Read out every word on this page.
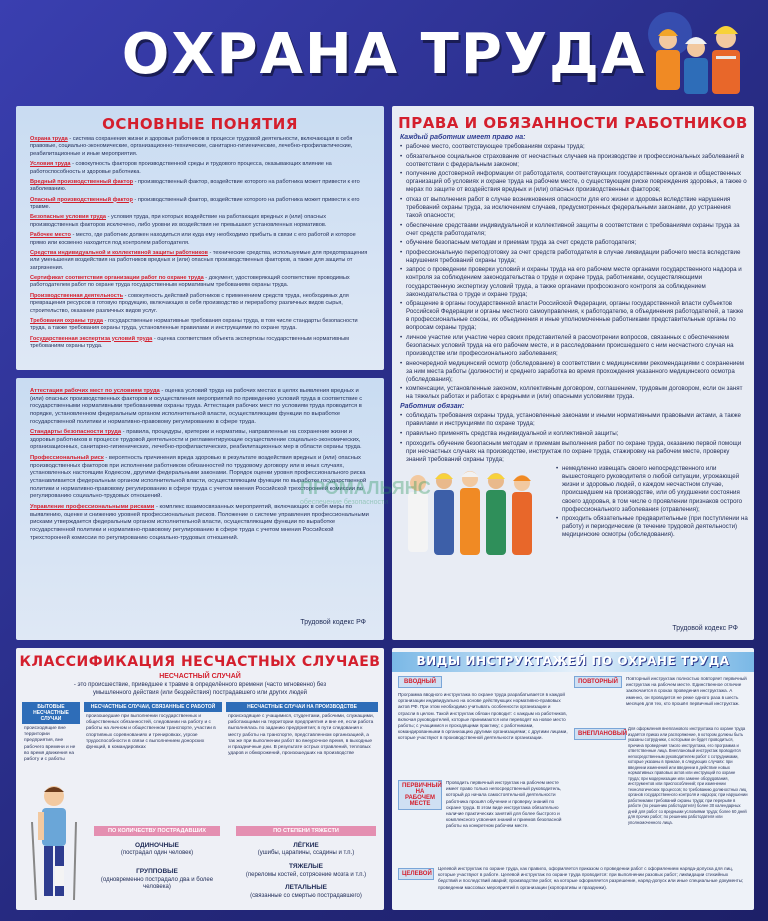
ОХРАНА ТРУДА
ОСНОВНЫЕ ПОНЯТИЯ

Охрана труда - система сохранения жизни и здоровья работников в процессе трудовой деятельности, включающая в себя правовые, социально-экономические, организационно-технические, санитарно-гигиенические, лечебно-профилактические, реабилитационные и иные мероприятия.

Условия труда - совокупность факторов производственной среды и трудового процесса, оказывающих влияние на работоспособность и здоровье работника.

Вредный производственный фактор - производственный фактор, воздействие которого на работника может привести к его заболеванию.

Опасный производственный фактор - производственный фактор, воздействие которого на работника может привести к его травме.

Безопасные условия труда - условия труда, при которых воздействие на работающих вредных и (или) опасных производственных факторов исключено, либо уровни их воздействия не превышают установленных нормативов.

Рабочее место - место, где работник должен находиться или куда ему необходимо прибыть в связи с его работой и которое прямо или косвенно находится под контролем работодателя.

Средства индивидуальной и коллективной защиты работников - технические средства, используемые для предотвращения или уменьшения воздействия на работников вредных и (или) опасных производственных факторов, а также для защиты от загрязнения.

Сертификат соответствия организации работ по охране труда - документ, удостоверяющий соответствие проводимых работодателем работ по охране труда государственным нормативным требованиям охраны труда.

Производственная деятельность - совокупность действий работников с применением средств труда, необходимых для превращения ресурсов в готовую продукцию, включающих в себя производство и переработку различных видов сырья, строительство, оказание различных видов услуг.

Требования охраны труда - государственные нормативные требования охраны труда, в том числе стандарты безопасности труда, а также требования охраны труда, установленные правилами и инструкциями по охране труда.

Государственная экспертиза условий труда - оценка соответствия объекта экспертизы государственным нормативным требованиям охраны труда.

Аттестация рабочих мест по условиям труда - оценка условий труда на рабочих местах в целях выявления вредных и (или) опасных производственных факторов и осуществления мероприятий по приведению условий труда в соответствие с государственными нормативными требованиями охраны труда. Аттестация рабочих мест по условиям труда проводится в порядке, установленном федеральным органом исполнительной власти, осуществляющим функции по выработке государственной политики и нормативно-правовому регулированию в сфере труда.

Стандарты безопасности труда - правила, процедуры, критерии и нормативы, направленные на сохранение жизни и здоровья работников в процессе трудовой деятельности и регламентирующие осуществление социально-экономических, организационных, санитарно-гигиенических, лечебно-профилактических, реабилитационных мер в области охраны труда.

Профессиональный риск - вероятность причинения вреда здоровью в результате воздействия вредных и (или) опасных производственных факторов при исполнении работником обязанностей по трудовому договору или в иных случаях, установленных настоящим Кодексом, другими федеральными законами. Порядок оценки уровня профессионального риска устанавливается федеральным органом исполнительной власти, осуществляющим функции по выработке государственной политики и нормативно-правовому регулированию в сфере труда с учетом мнения Российской трехсторонней комиссии по регулированию социально-трудовых отношений.

Управление профессиональными рисками - комплекс взаимосвязанных мероприятий, включающих в себя меры по выявлению, оценке и снижению уровней профессиональных рисков. Положение о системе управления профессиональными рисками утверждается федеральным органом исполнительной власти, осуществляющим функции по выработке государственной политики и нормативно-правовому регулированию в сфере труда с учетом мнения Российской трехсторонней комиссии по регулированию социально-трудовых отношений.

Трудовой кодекс РФ
ПРАВА И ОБЯЗАННОСТИ РАБОТНИКОВ
Каждый работник имеет право на:
• рабочее место, соответствующее требованиям охраны труда;
• обязательное социальное страхование от несчастных случаев на производстве и профессиональных заболеваний в соответствии с федеральным законом;
• получение достоверной информации от работодателя, соответствующих государственных органов и общественных организаций об условиях и охране труда на рабочем месте, о существующем риске повреждения здоровья, а также о мерах по защите от воздействия вредных и (или) опасных производственных факторов;
• отказ от выполнения работ в случае возникновения опасности для его жизни и здоровья вследствие нарушения требований охраны труда, за исключением случаев, предусмотренных федеральными законами, до устранения такой опасности;
• обеспечение средствами индивидуальной и коллективной защиты в соответствии с требованиями охраны труда за счет средств работодателя;
• обучение безопасным методам и приемам труда за счет средств работодателя;
• профессиональную переподготовку за счет средств работодателя в случае ликвидации рабочего места вследствие нарушения требований охраны труда;
• запрос о проведении проверки условий и охраны труда на его рабочем месте органами государственного надзора и контроля за соблюдением законодательства о труде и охране труда, работниками, осуществляющими государственную экспертизу условий труда, а также органами профсоюзного контроля за соблюдением законодательства о труде и охране труда;
• обращение в органы государственной власти Российской Федерации, органы государственной власти субъектов Российской Федерации и органы местного самоуправления, к работодателю, в объединения работодателей, а также в профессиональные союзы, их объединения и иные уполномоченные работниками представительные органы по вопросам охраны труда;
• личное участие или участие через своих представителей в рассмотрении вопросов, связанных с обеспечением безопасных условий труда на его рабочем месте, и в расследовании происшедшего с ним несчастного случая на производстве или профессионального заболевания;
• внеочередной медицинский осмотр (обследование) в соответствии с медицинскими рекомендациями с сохранением за ним места работы (должности) и среднего заработка во время прохождения указанного медицинского осмотра (обследования);
• компенсации, установленные законом, коллективным договором, соглашением, трудовым договором, если он занят на тяжелых работах и работах с вредными и (или) опасными условиями труда.
Работник обязан:
• соблюдать требования охраны труда, установленные законами и иными нормативными правовыми актами, а также правилами и инструкциями по охране труда;
• правильно применять средства индивидуальной и коллективной защиты;
• проходить обучение безопасным методам и приемам выполнения работ по охране труда, оказанию первой помощи при несчастных случаях на производстве, инструктаж по охране труда, стажировку на рабочем месте, проверку знаний требований охраны труда;
• немедленно извещать своего непосредственного или вышестоящего руководителя о любой ситуации, угрожающей жизни и здоровью людей, о каждом несчастном случае, происшедшем на производстве, или об ухудшении состояния своего здоровья, в том числе о проявлении признаков острого профессионального заболевания (отравления);
• проходить обязательные предварительные (при поступлении на работу) и периодические (в течение трудовой деятельности) медицинские осмотры (обследования).
Трудовой кодекс РФ
ПРОМАЛЬЯНС
обеспечение безопасности
КЛАССИФИКАЦИЯ НЕСЧАСТНЫХ СЛУЧАЕВ
НЕСЧАСТНЫЙ СЛУЧАЙ
- это происшествие, приведшее к травме в определённого времени (часто мгновенно) без умышленного действия (или бездействия) пострадавшего или других людей
БЫТОВЫЕ НЕСЧАСТНЫЕ СЛУЧАИ
происходящие вне территории предприятия, вне рабочего времени и не во время движения на работу и с работы
НЕСЧАСТНЫЕ СЛУЧАИ, СВЯЗАННЫЕ С РАБОТОЙ
произошедшие при выполнении государственных и общественных обязанностей, следовании на работу и с работы на личном и общественном транспорте, участии в спортивных соревнованиях и тренировках, угрозе трудоспособности в связи с выполнением донорских функций, в командировках
НЕСЧАСТНЫЕ СЛУЧАИ НА ПРОИЗВОДСТВЕ
происходящие с учащимися, студентами, рабочими, служащими, работающими на территории предприятия и вне её, если работа выполнялась по заданию предприятия; в пути следования к месту работы на транспорте, представленном организацией, а так же при выполнении работ во внеурочное время, в выходные и праздничные дни. В результате острых отравлений, тепловых ударов и обморожений, произошедших на производстве
ПО КОЛИЧЕСТВУ ПОСТРАДАВШИХ
ОДИНОЧНЫЕ
(пострадал один человек)
ГРУППОВЫЕ
(одновременно пострадало два и более человека)
ПО СТЕПЕНИ ТЯЖЕСТИ
ЛЁГКИЕ
(ушибы, царапины, ссадины и т.п.)
ТЯЖЕЛЫЕ
(переломы костей, сотрясение мозга и т.п.)
ЛЕТАЛЬНЫЕ
(связанные со смертью пострадавшего)
ВИДЫ ИНСТРУКТАЖЕЙ ПО ОХРАНЕ ТРУДА
ВВОДНЫЙ
Программа вводного инструктажа по охране труда разрабатывается в каждой организации индивидуально на основе действующих нормативно-правовых актов РФ. При этом необходимо учитывать особенности организации и отрасли в целом. Такой инструктаж обязан проводит: с каждым из работников, включая руководителей, которые принимаются или переводят на новое место работы; с учащимися и проходящими практику; с работниками, командированными в организацию другими организациями; с другими лицами, которые участвуют в производственной деятельности организации.
ПОВТОРНЫЙ
Повторный инструктаж полностью повторяет первичный инструктаж на рабочем месте. Единственное отличие заключается в сроках проведения инструктажа. А именно, он проводится не реже одного раза в шесть месяцев для тех, кто прошёл первичный инструктаж.
ВНЕПЛАНОВЫЙ
Для оформления внепланового инструктажа по охране труда издаётся приказ или распоряжение, в котором должны быть указаны сотрудники, с которыми он будет проводиться, причина проведения такого инструктажа, его программа и ответственные лица. Внеплановый инструктаж проводится непосредственным руководителем работ с сотрудниками, которые указаны в приказе, в следующих случаях: при введении изменений или введении в действие новых нормативных правовых актов или инструкций по охране труда; при модернизации или замене оборудования, инструментов или приспособлений; при изменении технологических процессов; по требованию должностных лиц органов государственного контроля и надзора; при нарушении работниками требований охраны труда; при перерыве в работе (по решению работодателя) более 30 календарных дней для работ со вредными условиями труда; более 60 дней для прочих работ; по решению работодателя или уполномоченного лица.
ПЕРВИЧНЫЙ НА РАБОЧЕМ МЕСТЕ
Проводить первичный инструктаж на рабочем месте имеет право только непосредственный руководитель, который до начала самостоятельной деятельности работника прошёл обучение и проверку знаний по охране труда. В этом виде инструктажа обязательно наличие практических занятий для более быстрого и комплексного усвоения знаний и приемов безопасной работы на конкретном рабочем месте.
ЦЕЛЕВОЙ
Целевой инструктаж по охране труда, как правило, оформляется приказом о проведении работ с оформлением наряда-допуска для лиц, которые участвуют в работе. Целевой инструктаж по охране труда проводится: при выполнении разовых работ; ликвидации стихийных бедствий и последствий аварий; производстве работ, на которые оформляется разрешение, наряд-допуск или иные специальные документы; проведении массовых мероприятий в организации (корпоративы и праздники).
